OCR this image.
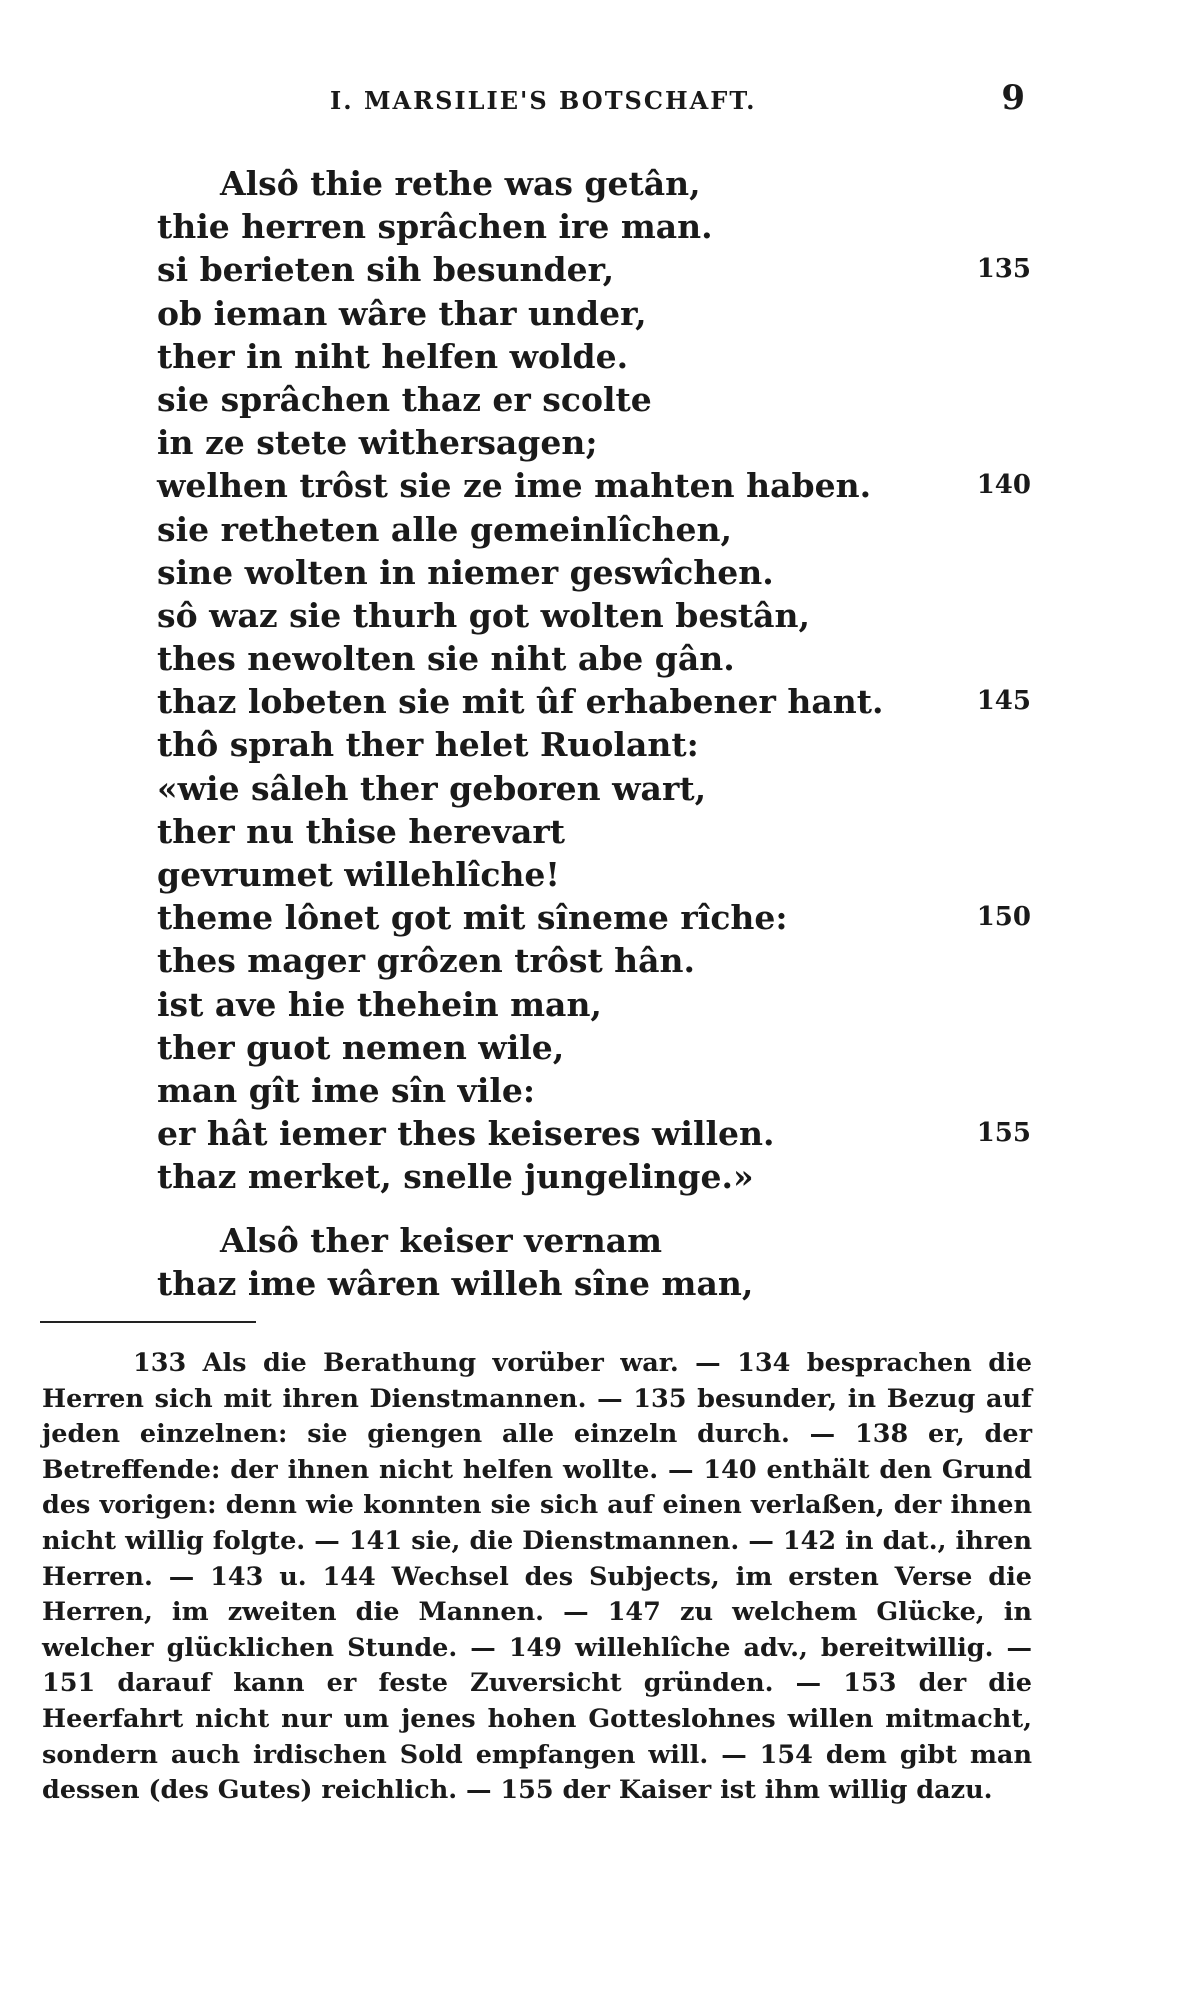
I. MARSILIE'S BOTSCHAFT.	9
Alsô thie rethe was getân,
thie herren sprâchen ire man.
si berieten sih besunder,	135
ob ieman wâre thar under,
ther in niht helfen wolde.
sie sprâchen thaz er scolte
in ze stete withersagen;
welhen trôst sie ze ime mahten haben.	140
sie retheten alle gemeinlîchen,
sine wolten in niemer geswîchen.
sô waz sie thurh got wolten bestân,
thes newolten sie niht abe gân.
thaz lobeten sie mit ûf erhabener hant.	145
thô sprah ther helet Ruolant:
«wie sâleh ther geboren wart,
ther nu thise herevart
gevrumet willehlîche!
theme lônet got mit sîneme rîche:	150
thes mager grôzen trôst hân.
ist ave hie thehein man,
ther guot nemen wile,
man gît ime sîn vile:
er hât iemer thes keiseres willen.	155
thaz merket, snelle jungelinge.»
Alsô ther keiser vernam
thaz ime wâren willeh sîne man,
133 Als die Berathung vorüber war. — 134 besprachen die Herren sich mit ihren Dienstmannen. — 135 besunder, in Bezug auf jeden einzelnen: sie giengen alle einzeln durch. — 138 er, der Betreffende: der ihnen nicht helfen wollte. — 140 enthält den Grund des vorigen: denn wie konnten sie sich auf einen verlaßen, der ihnen nicht willig folgte. — 141 sie, die Dienstmannen. — 142 in dat., ihren Herren. — 143 u. 144 Wechsel des Subjects, im ersten Verse die Herren, im zweiten die Mannen. — 147 zu welchem Glücke, in welcher glücklichen Stunde. — 149 willehlîche adv., bereitwillig. — 151 darauf kann er feste Zuversicht gründen. — 153 der die Heerfahrt nicht nur um jenes hohen Gotteslohnes willen mitmacht, sondern auch irdischen Sold empfangen will. — 154 dem gibt man dessen (des Gutes) reichlich. — 155 der Kaiser ist ihm willig dazu.
